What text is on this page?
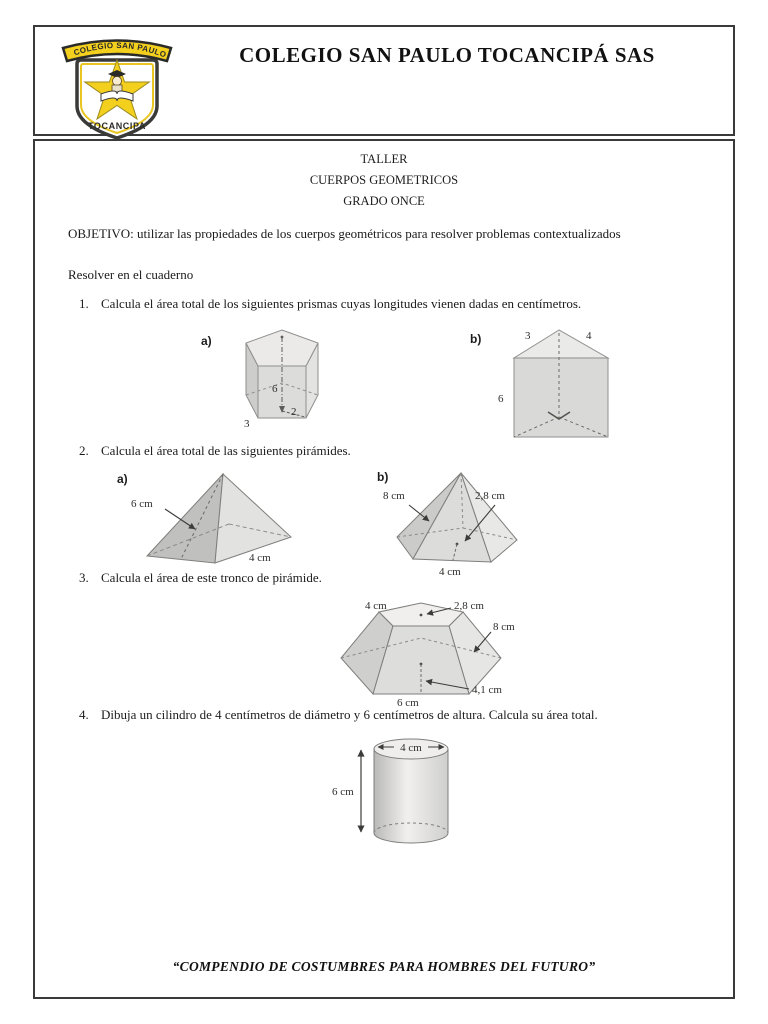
COLEGIO SAN PAULO
TOCANCIPA
COLEGIO SAN PAULO TOCANCIPÁ SAS
TALLER
CUERPOS GEOMETRICOS
GRADO ONCE
OBJETIVO: utilizar las propiedades de los cuerpos geométricos para resolver problemas contextualizados
Resolver en el cuaderno
1. Calcula el área total de los siguientes prismas cuyas longitudes vienen dadas en centímetros.
a)
6
3
2
b)	3	4
6
2. Calcula el área total de las siguientes pirámides.
6 cm
4 cm
a)
8 cm	2,8 cm
4 cm
b)
3. Calcula el área de este tronco de pirámide.
4 cm	2,8 cm
8 cm
4,1 cm
6 cm
4. Dibuja un cilindro de 4 centímetros de diámetro y 6 centímetros de altura. Calcula su área total.
4 cm
6 cm
“COMPENDIO DE COSTUMBRES PARA HOMBRES DEL FUTURO”
